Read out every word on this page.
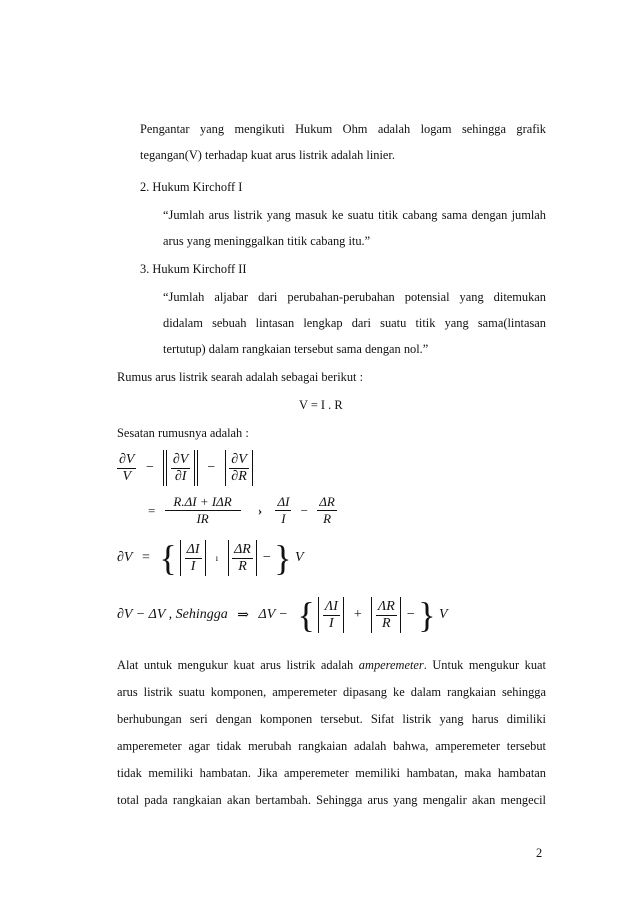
Pengantar yang mengikuti Hukum Ohm adalah logam sehingga grafik

tegangan(V) terhadap kuat arus listrik adalah linier.

2. Hukum Kirchoff I

“Jumlah arus listrik yang masuk ke suatu titik cabang sama dengan jumlah

arus yang meninggalkan titik cabang itu.”

3. Hukum Kirchoff II

“Jumlah aljabar dari perubahan-perubahan potensial yang ditemukan

didalam sebuah lintasan lengkap dari suatu titik yang sama(lintasan

tertutup) dalam rangkaian tersebut sama dengan nol.”

Rumus arus listrik searah adalah sebagai berikut :

V = I . R

Sesatan rumusnya adalah :

$\frac{\partial V}{V} - \frac{\partial V}{\partial I} - \frac{\partial V}{\partial R}$

= $\frac{\text{R.ΔI + IΔR}}{IR}$ › $\frac{\Delta I}{I} - \frac{\Delta R}{R}$
∂V = { $\frac{\Delta I}{I}$ ı $\frac{\Delta R}{R}$ − } V
∂V − ΔV , Sehingga ⇒ ΔV − { $\frac{\Lambda I}{I} + \frac{\Lambda R}{R}$ − } V

Alat untuk mengukur kuat arus listrik adalah amperemeter. Untuk mengukur kuat

arus listrik suatu komponen, amperemeter dipasang ke dalam rangkaian sehingga

berhubungan seri dengan komponen tersebut. Sifat listrik yang harus dimiliki

amperemeter agar tidak merubah rangkaian adalah bahwa, amperemeter tersebut

tidak memiliki hambatan. Jika amperemeter memiliki hambatan, maka hambatan

total pada rangkaian akan bertambah. Sehingga arus yang mengalir akan mengecil

2
